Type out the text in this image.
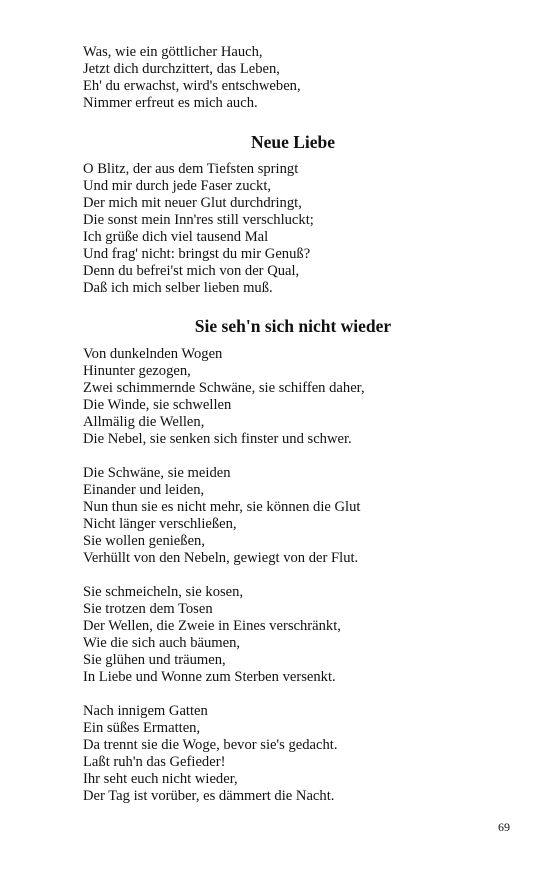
Was, wie ein göttlicher Hauch,

Jetzt dich durchzittert, das Leben,

Eh' du erwachst, wird's entschweben,

Nimmer erfreut es mich auch.

Neue Liebe

O Blitz, der aus dem Tiefsten springt

Und mir durch jede Faser zuckt,

Der mich mit neuer Glut durchdringt,

Die sonst mein Inn'res still verschluckt;

Ich grüße dich viel tausend Mal

Und frag' nicht: bringst du mir Genuß?

Denn du befrei'st mich von der Qual,

Daß ich mich selber lieben muß.

Sie seh'n sich nicht wieder

Von dunkelnden Wogen

Hinunter gezogen,

Zwei schimmernde Schwäne, sie schiffen daher,

Die Winde, sie schwellen

Allmälig die Wellen,

Die Nebel, sie senken sich finster und schwer.

Die Schwäne, sie meiden

Einander und leiden,

Nun thun sie es nicht mehr, sie können die Glut

Nicht länger verschließen,

Sie wollen genießen,

Verhüllt von den Nebeln, gewiegt von der Flut.

Sie schmeicheln, sie kosen,

Sie trotzen dem Tosen

Der Wellen, die Zweie in Eines verschränkt,

Wie die sich auch bäumen,

Sie glühen und träumen,

In Liebe und Wonne zum Sterben versenkt.

Nach innigem Gatten

Ein süßes Ermatten,

Da trennt sie die Woge, bevor sie's gedacht.

Laßt ruh'n das Gefieder!

Ihr seht euch nicht wieder,

Der Tag ist vorüber, es dämmert die Nacht.

69
